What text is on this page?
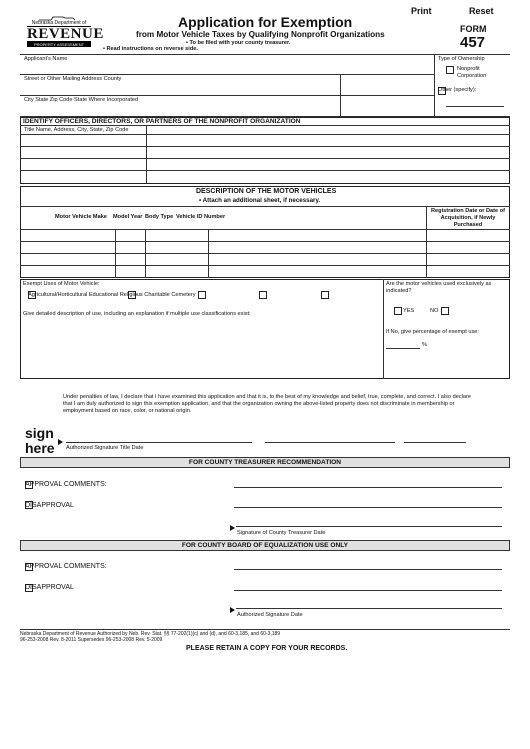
Print	Reset
Nebraska Department of
REVENUE
PROPERTY ASSESSMENT
Application for Exemption
from Motor Vehicle Taxes by Qualifying Nonprofit Organizations
• To be filed with your county treasurer.
• Read instructions on reverse side.
FORM
457
Applicant's Name
Street or Other Mailing Address County
City State Zip Code State Where Incorporated
Type of Ownership
Nonprofit
Corporation
Other (specify):
IDENTIFY OFFICERS, DIRECTORS, OR PARTNERS OF THE NONPROFIT ORGANIZATION
Title Name, Address, City, State, Zip Code
DESCRIPTION OF THE MOTOR VEHICLES
• Attach an additional sheet, if necessary.
Motor Vehicle Make Model Year Body Type Vehicle ID Number
Registration Date or Date of Acquisition, if Newly Purchased
Exempt Uses of Motor Vehicle:
Agricultural/Horticultural Educational Religious Charitable Cemetery
Give detailed description of use, including an explanation if multiple use classifications exist:
Are the motor vehicles used exclusively as indicated?
YES	NO
If No, give percentage of exempt use:
%
Under penalties of law, I declare that I have examined this application and that it is, to the best of my knowledge and belief, true, complete, and correct. I also declare that I am duly authorized to sign this exemption application, and that the organization owning the above-listed property does not discriminate in membership or employment based on race, color, or national origin.
sign
here Authorized Signature Title Date
FOR COUNTY TREASURER RECOMMENDATION
APPROVAL COMMENTS:
DISAPPROVAL
Signature of County Treasurer Date
FOR COUNTY BOARD OF EQUALIZATION USE ONLY
APPROVAL COMMENTS:
DISAPPROVAL
Authorized Signature Date
Nebraska Department of Revenue Authorized by Neb. Rev. Stat. §§ 77-202(1)(c) and (d), and 60-3,185, and 60-3,189
96-253-2008 Rev. 8-2011 Supersedes 96-253-2008 Rev. 5-2009
PLEASE RETAIN A COPY FOR YOUR RECORDS.
